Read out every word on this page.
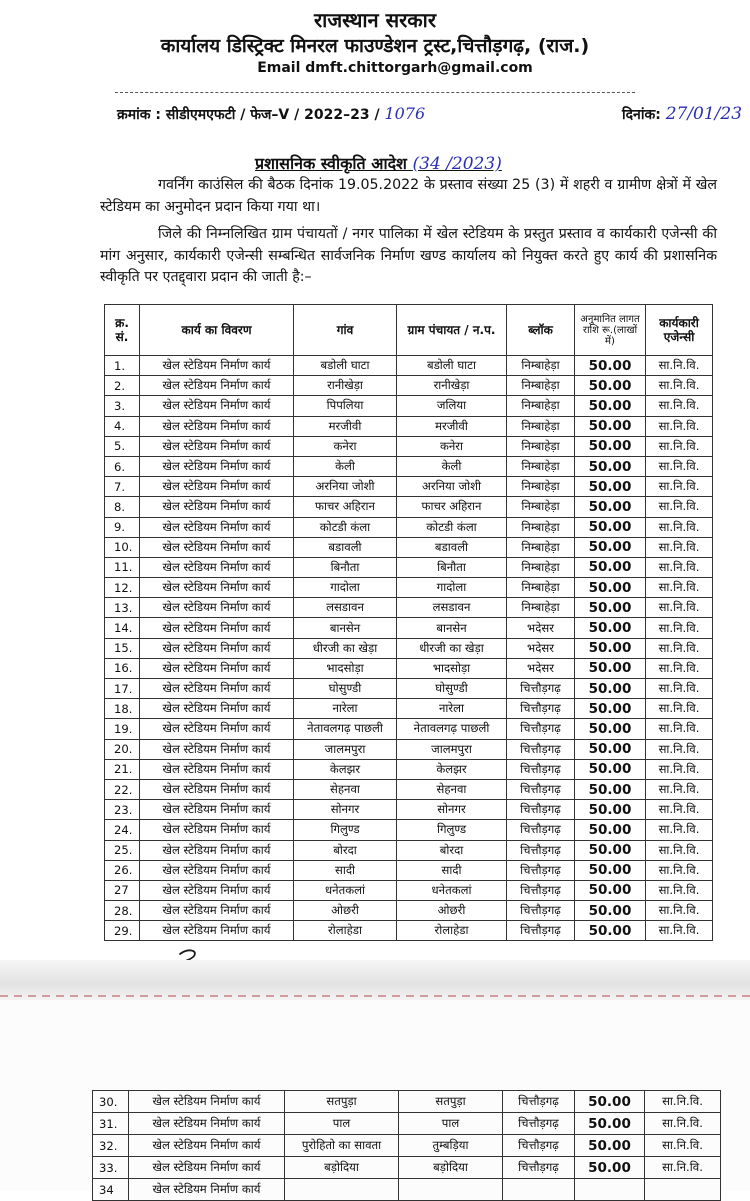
राजस्थान सरकार
कार्यालय डिस्ट्रिक्ट मिनरल फाउण्डेशन ट्रस्ट,चित्तौड़गढ़, (राज.)
Email dmft.chittorgarh@gmail.com
क्रमांक : सीडीएमएफटी / फेज–V / 2022–23 / 1076	दिनांक: 27/01/23
प्रशासनिक स्वीकृति आदेश (34 /2023)
गवर्निंग काउंसिल की बैठक दिनांक 19.05.2022 के प्रस्ताव संख्या 25 (3) में शहरी व ग्रामीण क्षेत्रों में खेल स्टेडियम का अनुमोदन प्रदान किया गया था।
जिले की निम्नलिखित ग्राम पंचायतों / नगर पालिका में खेल स्टेडियम के प्रस्तुत प्रस्ताव व कार्यकारी एजेन्सी की मांग अनुसार, कार्यकारी एजेन्सी सम्बन्धित सार्वजनिक निर्माण खण्ड कार्यालय को नियुक्त करते हुए कार्य की प्रशासनिक स्वीकृति पर एतद्द्वारा प्रदान की जाती है:–
क्र. सं.	कार्य का विवरण	गांव	ग्राम पंचायत / न.प.	ब्लॉक	अनुमानित लागत राशि रू.(लाखों में)	कार्यकारी एजेन्सी
1.	खेल स्टेडियम निर्माण कार्य	बडोली घाटा	बडोली घाटा	निम्बाहेड़ा	50.00	सा.नि.वि.
2.	खेल स्टेडियम निर्माण कार्य	रानीखेड़ा	रानीखेड़ा	निम्बाहेड़ा	50.00	सा.नि.वि.
3.	खेल स्टेडियम निर्माण कार्य	पिपलिया	जलिया	निम्बाहेड़ा	50.00	सा.नि.वि.
4.	खेल स्टेडियम निर्माण कार्य	मरजीवी	मरजीवी	निम्बाहेड़ा	50.00	सा.नि.वि.
5.	खेल स्टेडियम निर्माण कार्य	कनेरा	कनेरा	निम्बाहेड़ा	50.00	सा.नि.वि.
6.	खेल स्टेडियम निर्माण कार्य	केली	केली	निम्बाहेड़ा	50.00	सा.नि.वि.
7.	खेल स्टेडियम निर्माण कार्य	अरनिया जोशी	अरनिया जोशी	निम्बाहेड़ा	50.00	सा.नि.वि.
8.	खेल स्टेडियम निर्माण कार्य	फाचर अहिरान	फाचर अहिरान	निम्बाहेड़ा	50.00	सा.नि.वि.
9.	खेल स्टेडियम निर्माण कार्य	कोटडी कंला	कोटडी कंला	निम्बाहेड़ा	50.00	सा.नि.वि.
10.	खेल स्टेडियम निर्माण कार्य	बडावली	बडावली	निम्बाहेड़ा	50.00	सा.नि.वि.
11.	खेल स्टेडियम निर्माण कार्य	बिनौता	बिनौता	निम्बाहेड़ा	50.00	सा.नि.वि.
12.	खेल स्टेडियम निर्माण कार्य	गादोला	गादोला	निम्बाहेड़ा	50.00	सा.नि.वि.
13.	खेल स्टेडियम निर्माण कार्य	लसडावन	लसडावन	निम्बाहेड़ा	50.00	सा.नि.वि.
14.	खेल स्टेडियम निर्माण कार्य	बानसेन	बानसेन	भदेसर	50.00	सा.नि.वि.
15.	खेल स्टेडियम निर्माण कार्य	धीरजी का खेड़ा	धीरजी का खेड़ा	भदेसर	50.00	सा.नि.वि.
16.	खेल स्टेडियम निर्माण कार्य	भादसोड़ा	भादसोड़ा	भदेसर	50.00	सा.नि.वि.
17.	खेल स्टेडियम निर्माण कार्य	घोसुण्डी	घोसुण्डी	चित्तौड़गढ़	50.00	सा.नि.वि.
18.	खेल स्टेडियम निर्माण कार्य	नारेला	नारेला	चित्तौड़गढ़	50.00	सा.नि.वि.
19.	खेल स्टेडियम निर्माण कार्य	नेतावलगढ़ पाछली	नेतावलगढ़ पाछली	चित्तौड़गढ़	50.00	सा.नि.वि.
20.	खेल स्टेडियम निर्माण कार्य	जालमपुरा	जालमपुरा	चित्तौड़गढ़	50.00	सा.नि.वि.
21.	खेल स्टेडियम निर्माण कार्य	केलझर	केलझर	चित्तौड़गढ़	50.00	सा.नि.वि.
22.	खेल स्टेडियम निर्माण कार्य	सेहनवा	सेहनवा	चित्तौड़गढ़	50.00	सा.नि.वि.
23.	खेल स्टेडियम निर्माण कार्य	सोनगर	सोनगर	चित्तौड़गढ़	50.00	सा.नि.वि.
24.	खेल स्टेडियम निर्माण कार्य	गिलुण्ड	गिलुण्ड	चित्तौड़गढ़	50.00	सा.नि.वि.
25.	खेल स्टेडियम निर्माण कार्य	बोरदा	बोरदा	चित्तौड़गढ़	50.00	सा.नि.वि.
26.	खेल स्टेडियम निर्माण कार्य	सादी	सादी	चित्तौड़गढ़	50.00	सा.नि.वि.
27	खेल स्टेडियम निर्माण कार्य	धनेतकलां	धनेतकलां	चित्तौड़गढ़	50.00	सा.नि.वि.
28.	खेल स्टेडियम निर्माण कार्य	ओछरी	ओछरी	चित्तौड़गढ़	50.00	सा.नि.वि.
29.	खेल स्टेडियम निर्माण कार्य	रोलाहेडा	रोलाहेडा	चित्तौड़गढ़	50.00	सा.नि.वि.
30.	खेल स्टेडियम निर्माण कार्य	सतपुड़ा	सतपुड़ा	चित्तौड़गढ़	50.00	सा.नि.वि.
31.	खेल स्टेडियम निर्माण कार्य	पाल	पाल	चित्तौड़गढ़	50.00	सा.नि.वि.
32.	खेल स्टेडियम निर्माण कार्य	पुरोहितो का सावता	तुम्बड़िया	चित्तौड़गढ़	50.00	सा.नि.वि.
33.	खेल स्टेडियम निर्माण कार्य	बड़ोदिया	बड़ोदिया	चित्तौड़गढ़	50.00	सा.नि.वि.
34	खेल स्टेडियम निर्माण कार्य					
